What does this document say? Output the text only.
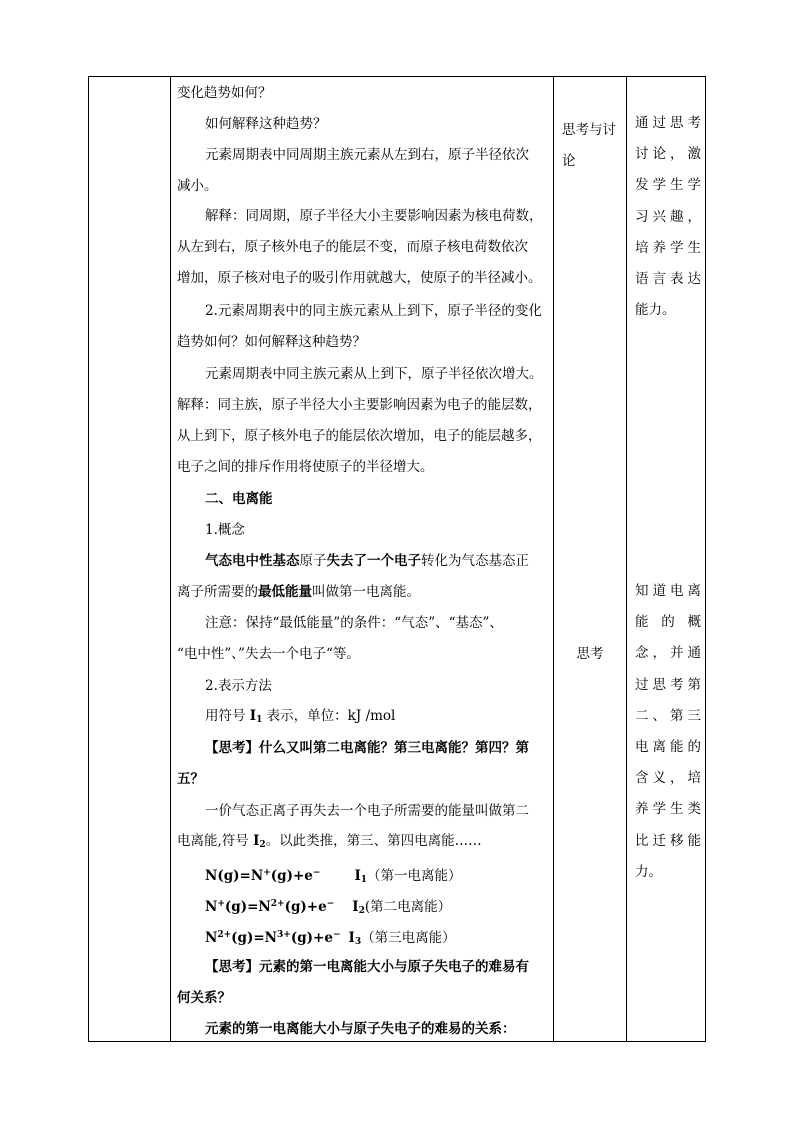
变化趋势如何？
如何解释这种趋势？
元素周期表中同周期主族元素从左到右，原子半径依次
减小。
解释：同周期，原子半径大小主要影响因素为核电荷数，
从左到右，原子核外电子的能层不变，而原子核电荷数依次
增加，原子核对电子的吸引作用就越大，使原子的半径减小。
2.元素周期表中的同主族元素从上到下，原子半径的变化
趋势如何？如何解释这种趋势？
元素周期表中同主族元素从上到下，原子半径依次增大。
解释：同主族，原子半径大小主要影响因素为电子的能层数，
从上到下，原子核外电子的能层依次增加，电子的能层越多，
电子之间的排斥作用将使原子的半径增大。
二、电离能
1.概念
气态电中性基态原子失去了一个电子转化为气态基态正
离子所需要的最低能量叫做第一电离能。
注意：保持“最低能量”的条件：“气态”、“基态”、
“电中性”、”失去一个电子“等。
2.表示方法
用符号 $I_1$ 表示，单位：kJ /mol
【思考】什么又叫第二电离能？第三电离能？第四？第
五？
一价气态正离子再失去一个电子所需要的能量叫做第二
电离能,符号 $I_2$。以此类推，第三、第四电离能……
N(g)=N+(g)+e−	$I_1$（第一电离能）
$N^+(g)=N^{2+}(g)+e^-$ $I_2$(第二电离能）
$N^{2+}(g)=N^{3+}(g)+e^-$ $I_3$（第三电离能）
【思考】元素的第一电离能大小与原子失电子的难易有
何关系？
元素的第一电离能大小与原子失电子的难易的关系：
思考与讨
论
思考
通过思考讨论，激发学生学习兴趣，培养学生语言表达能力。
知道电离能的概念，并通过思考第二、第三电离能的含义，培养学生类比迁移能力。
